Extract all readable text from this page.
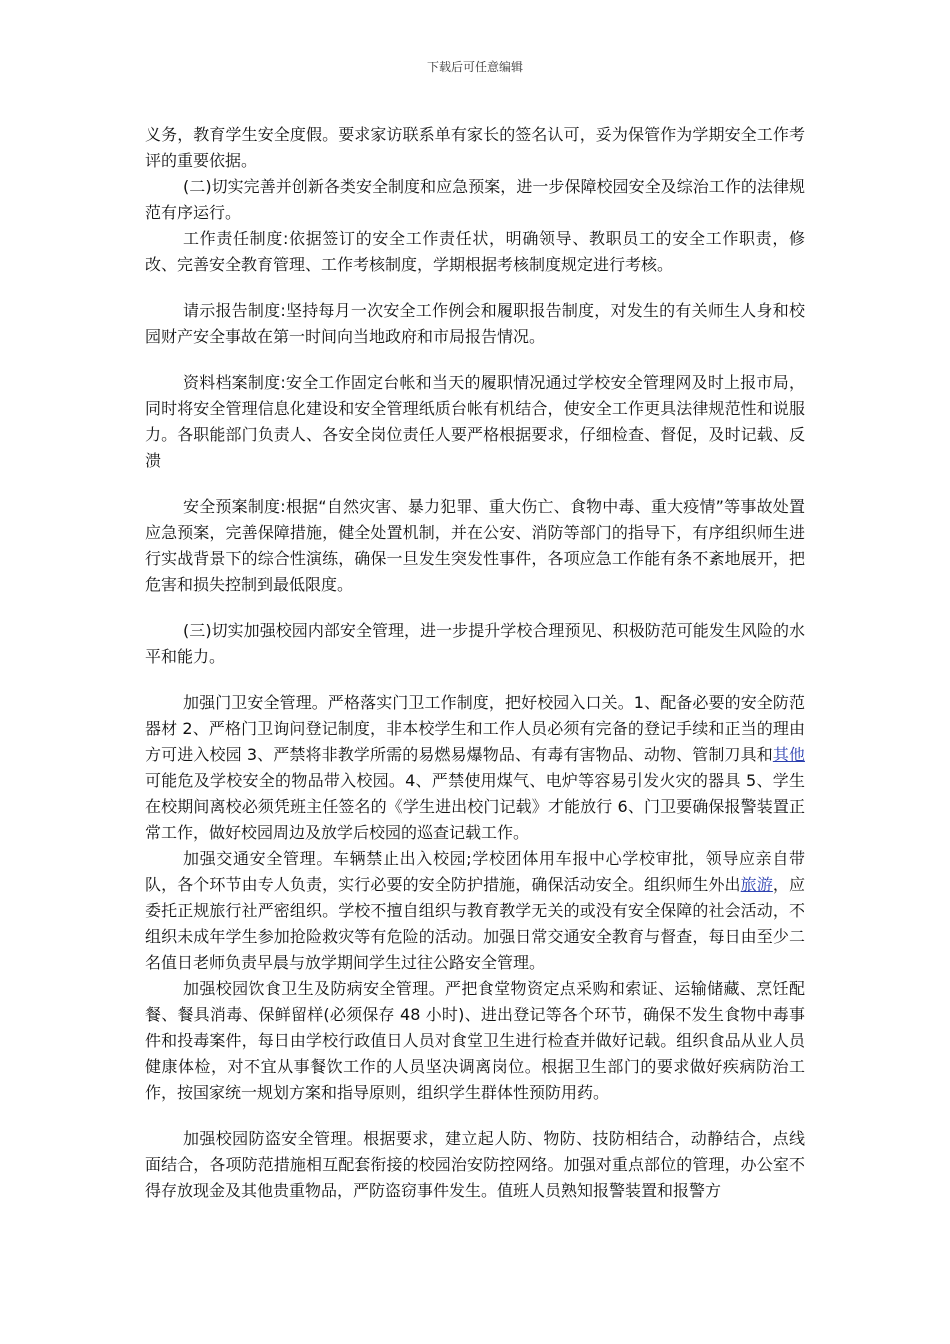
下载后可任意编辑

义务，教育学生安全度假。要求家访联系单有家长的签名认可，妥为保管作为学期安全工作考评的重要依据。

(二)切实完善并创新各类安全制度和应急预案，进一步保障校园安全及综治工作的法律规范有序运行。

工作责任制度:依据签订的安全工作责任状，明确领导、教职员工的安全工作职责，修改、完善安全教育管理、工作考核制度，学期根据考核制度规定进行考核。

请示报告制度:坚持每月一次安全工作例会和履职报告制度，对发生的有关师生人身和校园财产安全事故在第一时间向当地政府和市局报告情况。

资料档案制度:安全工作固定台帐和当天的履职情况通过学校安全管理网及时上报市局，同时将安全管理信息化建设和安全管理纸质台帐有机结合，使安全工作更具法律规范性和说服力。各职能部门负责人、各安全岗位责任人要严格根据要求，仔细检查、督促，及时记载、反溃

安全预案制度:根据“自然灾害、暴力犯罪、重大伤亡、食物中毒、重大疫情”等事故处置应急预案，完善保障措施，健全处置机制，并在公安、消防等部门的指导下，有序组织师生进行实战背景下的综合性演练，确保一旦发生突发性事件，各项应急工作能有条不紊地展开，把危害和损失控制到最低限度。

(三)切实加强校园内部安全管理，进一步提升学校合理预见、积极防范可能发生风险的水平和能力。

加强门卫安全管理。严格落实门卫工作制度，把好校园入口关。1、配备必要的安全防范器材 2、严格门卫询问登记制度，非本校学生和工作人员必须有完备的登记手续和正当的理由方可进入校园 3、严禁将非教学所需的易燃易爆物品、有毒有害物品、动物、管制刀具和其他可能危及学校安全的物品带入校园。4、严禁使用煤气、电炉等容易引发火灾的器具 5、学生在校期间离校必须凭班主任签名的《学生进出校门记载》才能放行 6、门卫要确保报警装置正常工作，做好校园周边及放学后校园的巡查记载工作。

加强交通安全管理。车辆禁止出入校园;学校团体用车报中心学校审批，领导应亲自带队，各个环节由专人负责，实行必要的安全防护措施，确保活动安全。组织师生外出旅游，应委托正规旅行社严密组织。学校不擅自组织与教育教学无关的或没有安全保障的社会活动，不组织未成年学生参加抢险救灾等有危险的活动。加强日常交通安全教育与督查，每日由至少二名值日老师负责早晨与放学期间学生过往公路安全管理。

加强校园饮食卫生及防病安全管理。严把食堂物资定点采购和索证、运输储藏、烹饪配餐、餐具消毒、保鲜留样(必须保存 48 小时)、进出登记等各个环节，确保不发生食物中毒事件和投毒案件，每日由学校行政值日人员对食堂卫生进行检查并做好记载。组织食品从业人员健康体检，对不宜从事餐饮工作的人员坚决调离岗位。根据卫生部门的要求做好疾病防治工作，按国家统一规划方案和指导原则，组织学生群体性预防用药。

加强校园防盗安全管理。根据要求，建立起人防、物防、技防相结合，动静结合，点线面结合，各项防范措施相互配套衔接的校园治安防控网络。加强对重点部位的管理，办公室不得存放现金及其他贵重物品，严防盗窃事件发生。值班人员熟知报警装置和报警方
